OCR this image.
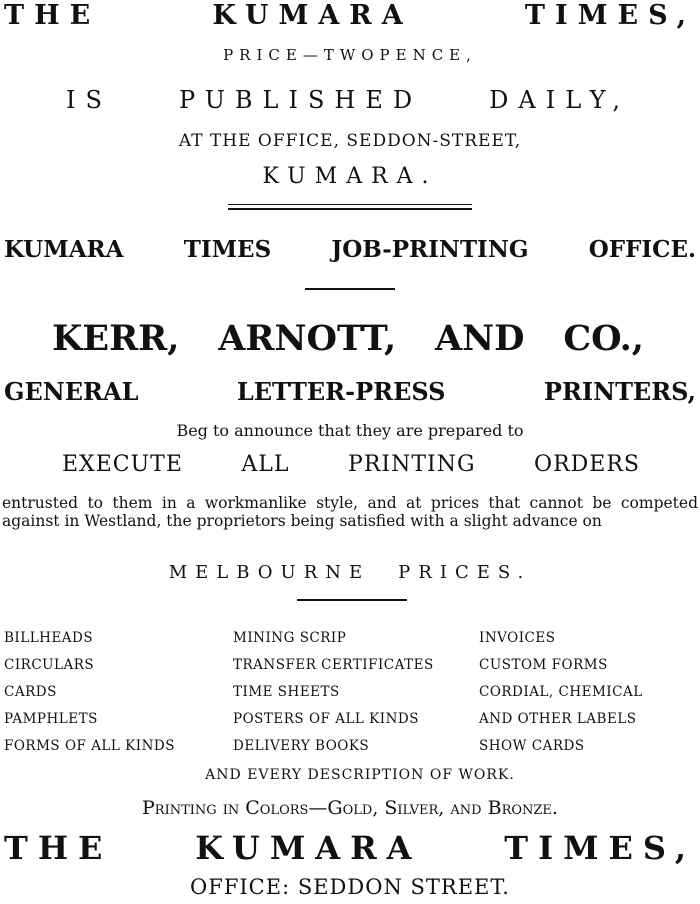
THE	KUMARA	TIMES,
PRICE—TWOPENCE,
IS	PUBLISHED	DAILY,
AT THE OFFICE, SEDDON-STREET,
KUMARA.
KUMARA	TIMES	JOB-PRINTING	OFFICE.
KERR, ARNOTT, AND CO.,
GENERAL	LETTER-PRESS	PRINTERS,
Beg to announce that they are prepared to
EXECUTE	ALL	PRINTING	ORDERS
entrusted to them in a workmanlike style, and at prices that cannot be competed against in Westland, the proprietors being satisfied with a slight advance on
MELBOURNE PRICES.
BILLHEADS	MINING SCRIP	INVOICES
CIRCULARS	TRANSFER CERTIFICATES	CUSTOM FORMS
CARDS	TIME SHEETS	CORDIAL, CHEMICAL
PAMPHLETS	POSTERS OF ALL KINDS	AND OTHER LABELS
FORMS OF ALL KINDS	DELIVERY BOOKS	SHOW CARDS
AND EVERY DESCRIPTION OF WORK.
Printing in Colors—Gold, Silver, and Bronze.
THE	KUMARA	TIMES,
OFFICE: SEDDON STREET.
